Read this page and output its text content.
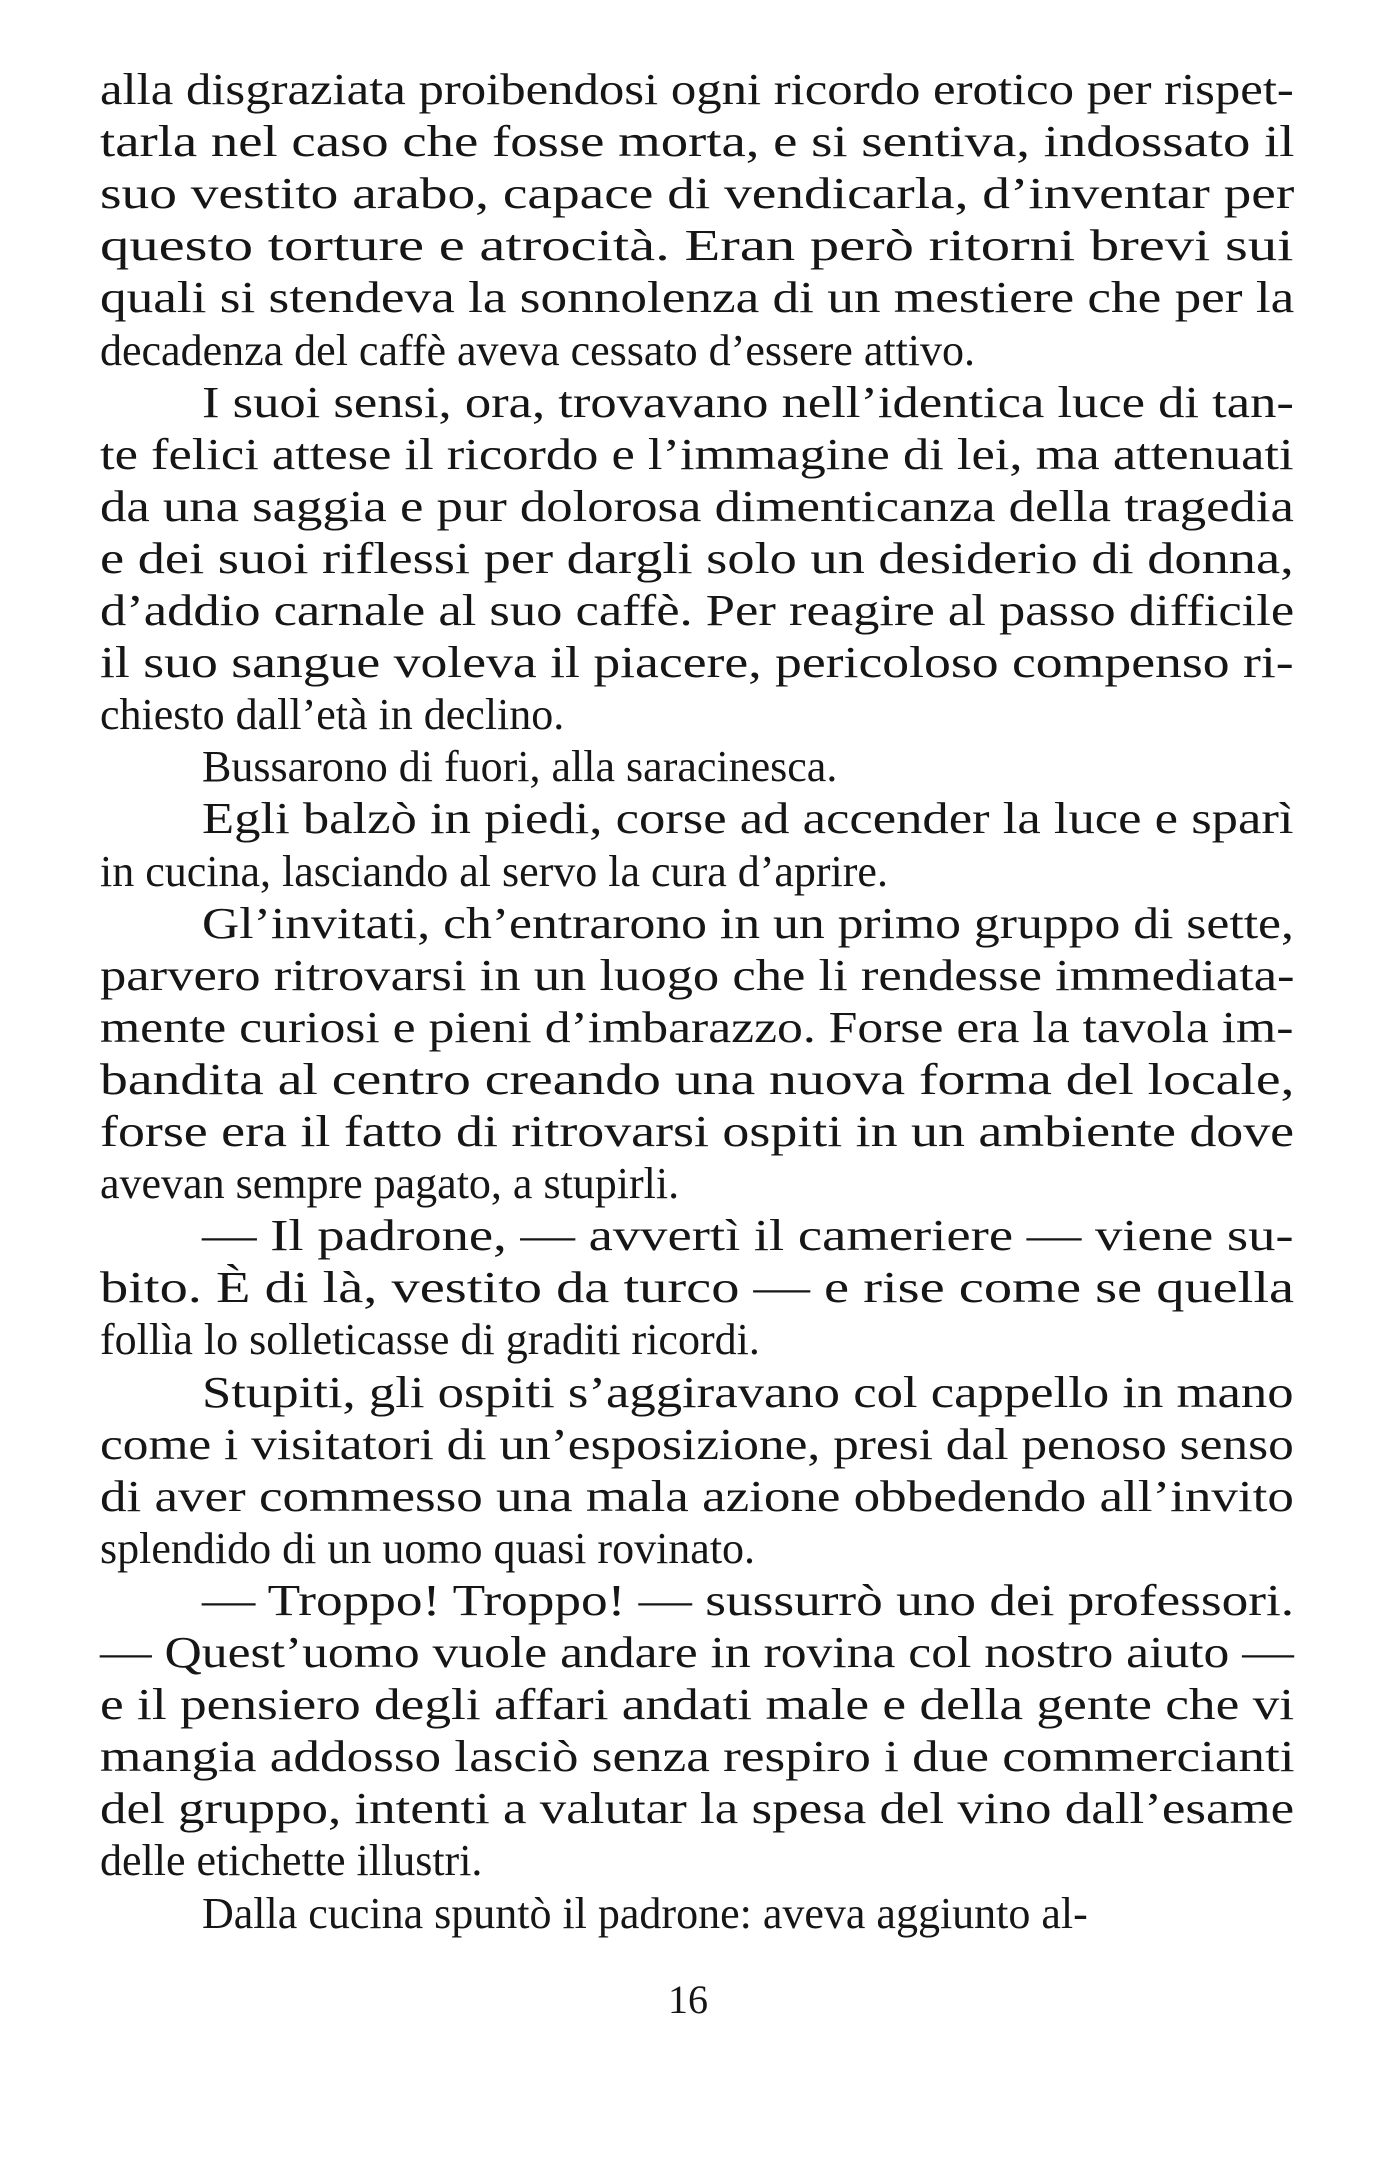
alla disgraziata proibendosi ogni ricordo erotico per rispet-
tarla nel caso che fosse morta, e si sentiva, indossato il
suo vestito arabo, capace di vendicarla, d’inventar per
questo torture e atrocità. Eran però ritorni brevi sui
quali si stendeva la sonnolenza di un mestiere che per la
decadenza del caffè aveva cessato d’essere attivo.
I suoi sensi, ora, trovavano nell’identica luce di tan-
te felici attese il ricordo e l’immagine di lei, ma attenuati
da una saggia e pur dolorosa dimenticanza della tragedia
e dei suoi riflessi per dargli solo un desiderio di donna,
d’addio carnale al suo caffè. Per reagire al passo difficile
il suo sangue voleva il piacere, pericoloso compenso ri-
chiesto dall’età in declino.
Bussarono di fuori, alla saracinesca.
Egli balzò in piedi, corse ad accender la luce e sparì
in cucina, lasciando al servo la cura d’aprire.
Gl’invitati, ch’entrarono in un primo gruppo di sette,
parvero ritrovarsi in un luogo che li rendesse immediata-
mente curiosi e pieni d’imbarazzo. Forse era la tavola im-
bandita al centro creando una nuova forma del locale,
forse era il fatto di ritrovarsi ospiti in un ambiente dove
avevan sempre pagato, a stupirli.
— Il padrone, — avvertì il cameriere — viene su-
bito. È di là, vestito da turco — e rise come se quella
follìa lo solleticasse di graditi ricordi.
Stupiti, gli ospiti s’aggiravano col cappello in mano
come i visitatori di un’esposizione, presi dal penoso senso
di aver commesso una mala azione obbedendo all’invito
splendido di un uomo quasi rovinato.
— Troppo! Troppo! — sussurrò uno dei professori.
— Quest’uomo vuole andare in rovina col nostro aiuto —
e il pensiero degli affari andati male e della gente che vi
mangia addosso lasciò senza respiro i due commercianti
del gruppo, intenti a valutar la spesa del vino dall’esame
delle etichette illustri.
Dalla cucina spuntò il padrone: aveva aggiunto al-
16
